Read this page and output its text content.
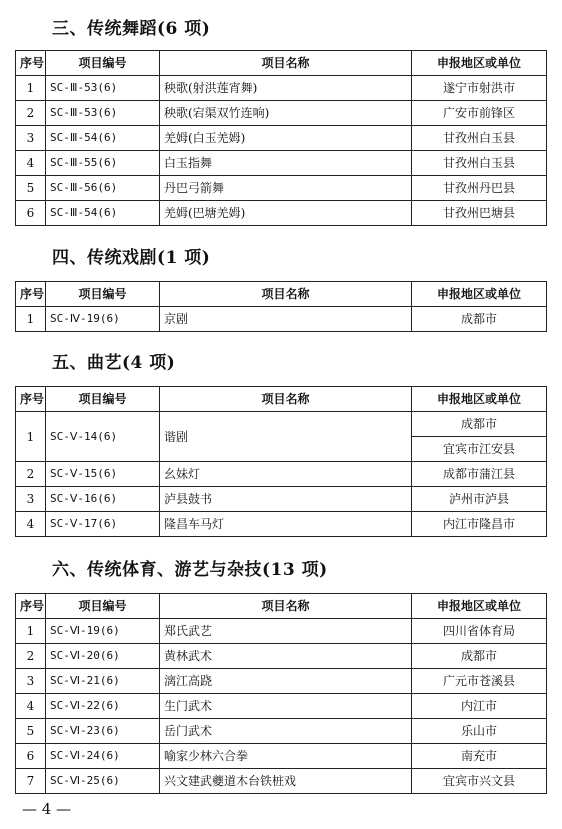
三、传统舞蹈(6 项)
序号	项目编号	项目名称	申报地区或单位
1	SC-Ⅲ-53(6)	秧歌(射洪莲宵舞)	遂宁市射洪市
2	SC-Ⅲ-53(6)	秧歌(宕渠双竹连响)	广安市前锋区
3	SC-Ⅲ-54(6)	羌姆(白玉羌姆)	甘孜州白玉县
4	SC-Ⅲ-55(6)	白玉指舞	甘孜州白玉县
5	SC-Ⅲ-56(6)	丹巴弓箭舞	甘孜州丹巴县
6	SC-Ⅲ-54(6)	羌姆(巴塘羌姆)	甘孜州巴塘县
四、传统戏剧(1 项)
序号	项目编号	项目名称	申报地区或单位
1	SC-Ⅳ-19(6)	京剧	成都市
五、曲艺(4 项)
序号	项目编号	项目名称	申报地区或单位
1	SC-Ⅴ-14(6)	谐剧	成都市
			宜宾市江安县
2	SC-Ⅴ-15(6)	幺妹灯	成都市蒲江县
3	SC-Ⅴ-16(6)	泸县鼓书	泸州市泸县
4	SC-Ⅴ-17(6)	隆昌车马灯	内江市隆昌市
六、传统体育、游艺与杂技(13 项)
序号	项目编号	项目名称	申报地区或单位
1	SC-Ⅵ-19(6)	郑氏武艺	四川省体育局
2	SC-Ⅵ-20(6)	黄林武术	成都市
3	SC-Ⅵ-21(6)	漓江高跷	广元市苍溪县
4	SC-Ⅵ-22(6)	生门武术	内江市
5	SC-Ⅵ-23(6)	岳门武术	乐山市
6	SC-Ⅵ-24(6)	喻家少林六合拳	南充市
7	SC-Ⅵ-25(6)	兴文建武夔道木台铁桩戏	宜宾市兴文县
— 4 —
